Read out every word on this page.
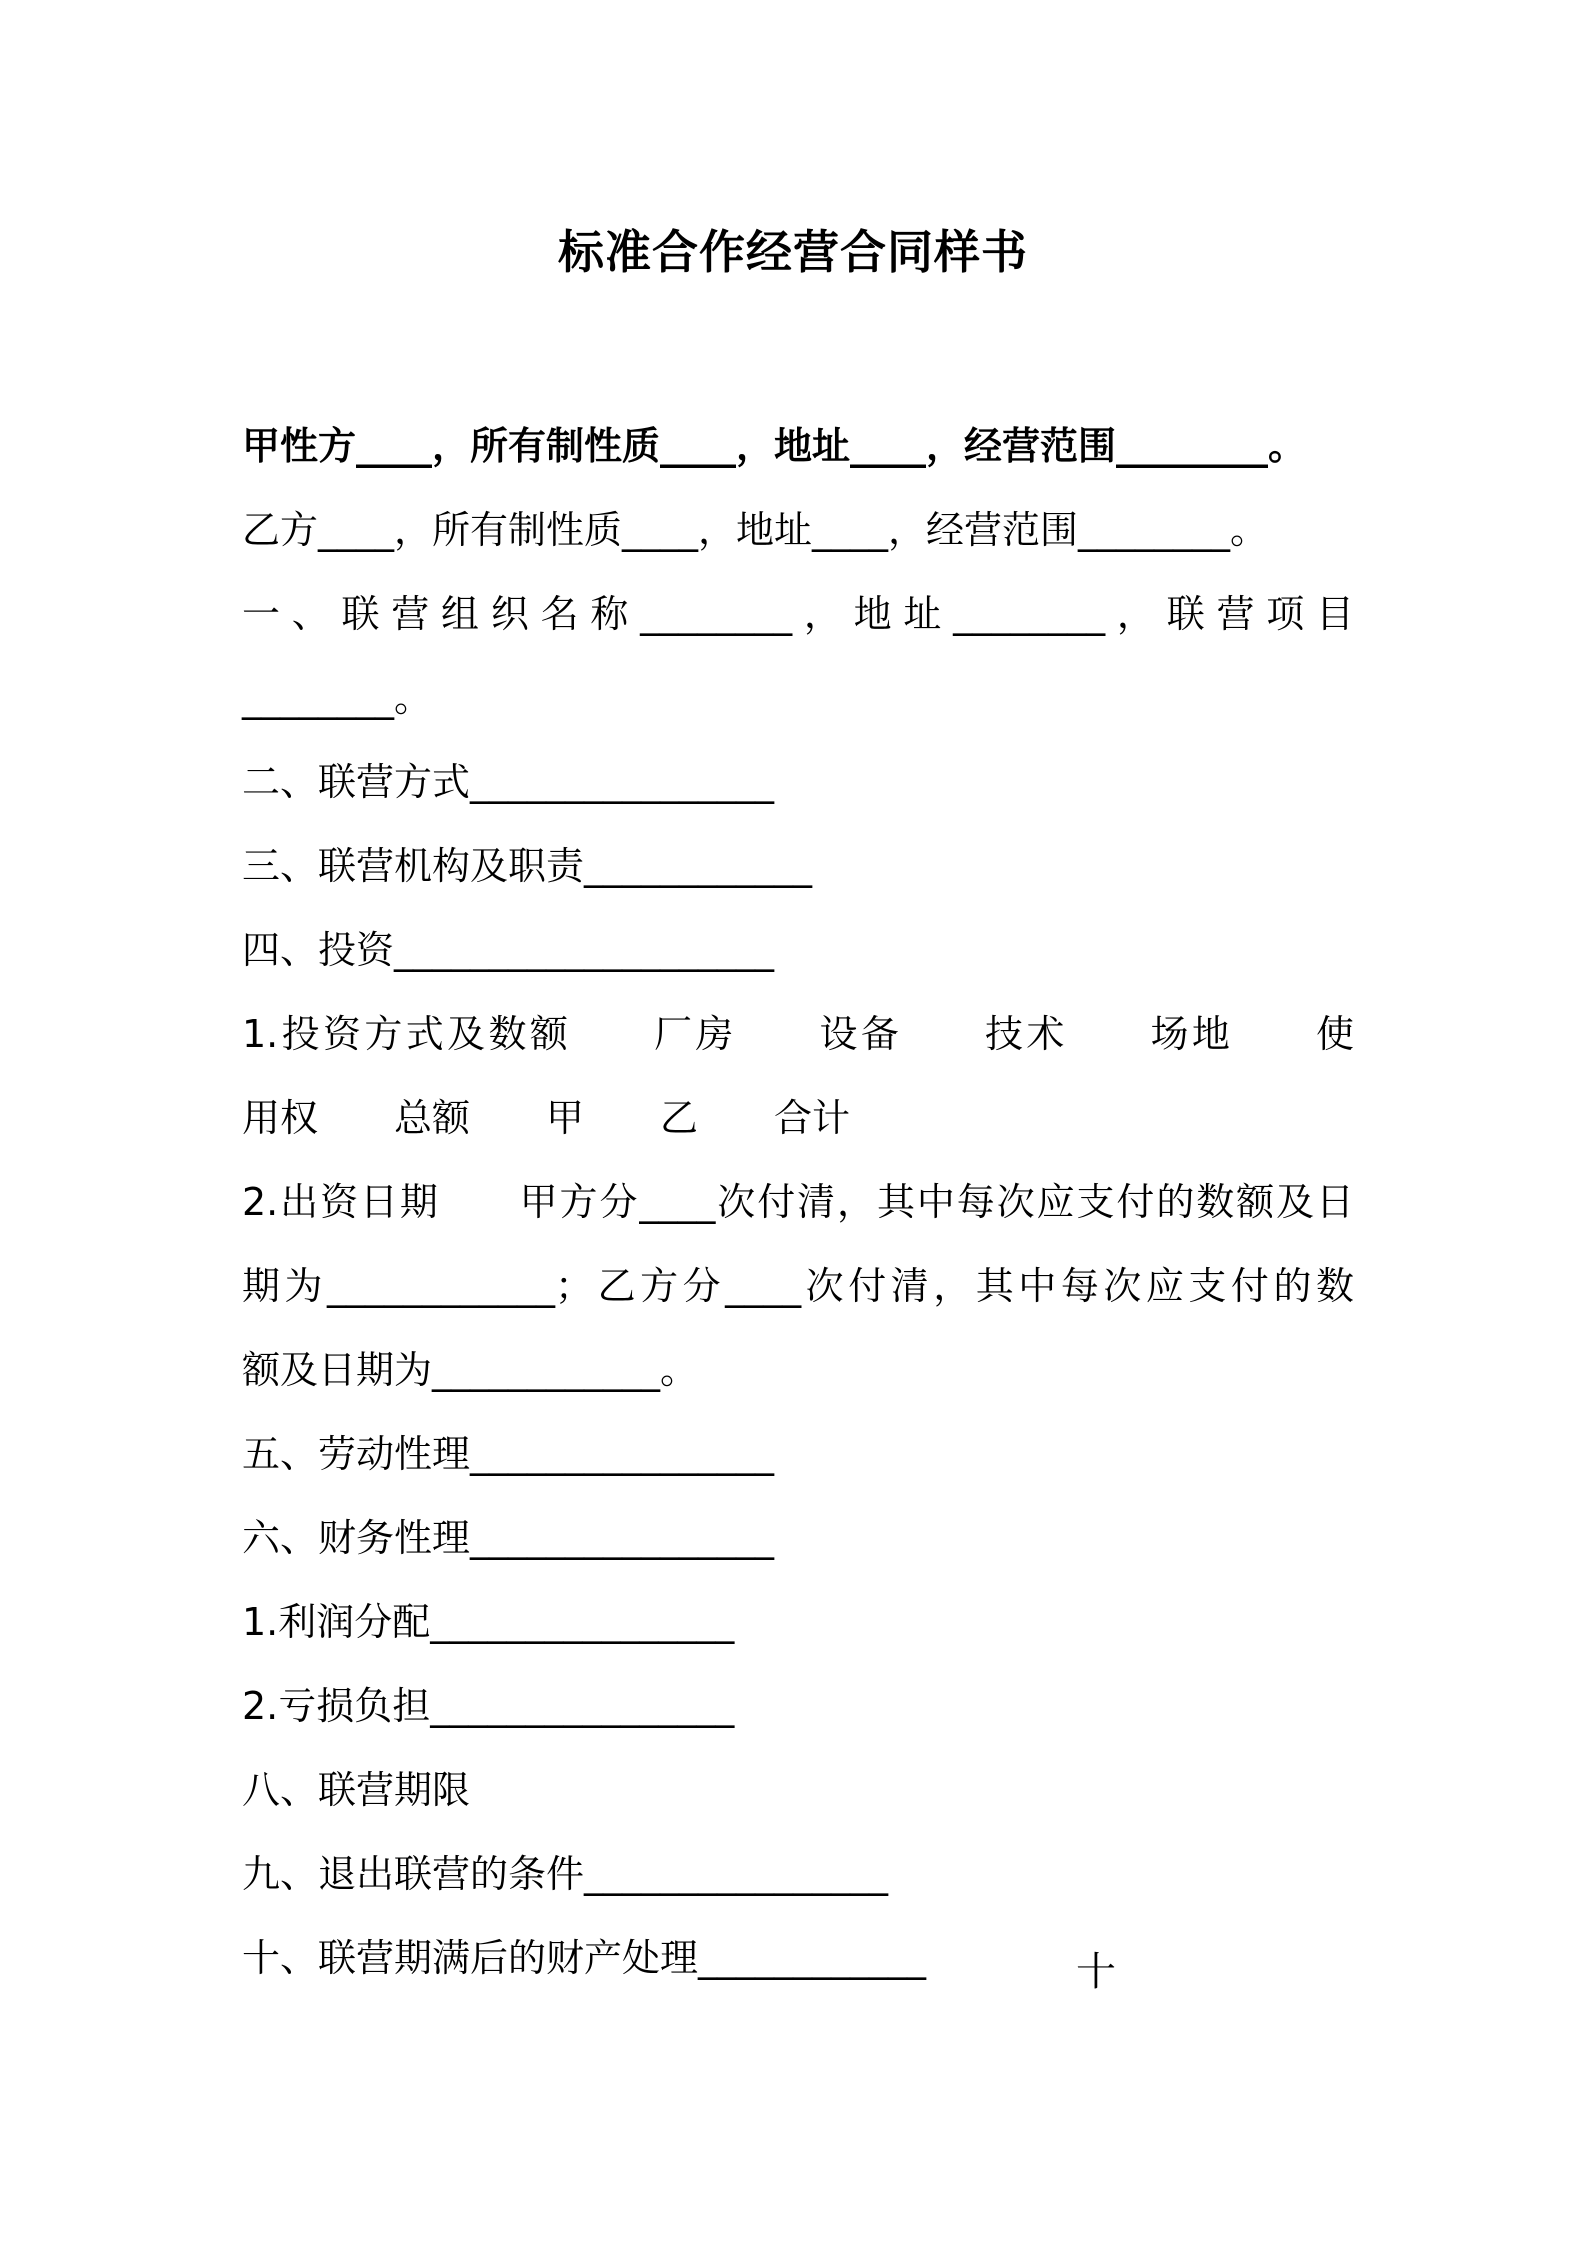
标准合作经营合同样书
甲性方____，所有制性质____，地址____，经营范围________。
乙方____，所有制性质____，地址____，经营范围________。
一、联营组织名称________，地址________，联营项目
________。
二、联营方式________________
三、联营机构及职责____________
四、投资____________________
1.投资方式及数额　　厂房　　设备　　技术　　场地　　使
用权　　总额　　甲　　乙　　合计
2.出资日期　　甲方分____次付清，其中每次应支付的数额及日
期为____________；乙方分____次付清，其中每次应支付的数
额及日期为____________。
五、劳动性理________________
六、财务性理________________
1.利润分配________________
2.亏损负担________________
八、联营期限
九、退出联营的条件________________
十、联营期满后的财产处理____________	十
